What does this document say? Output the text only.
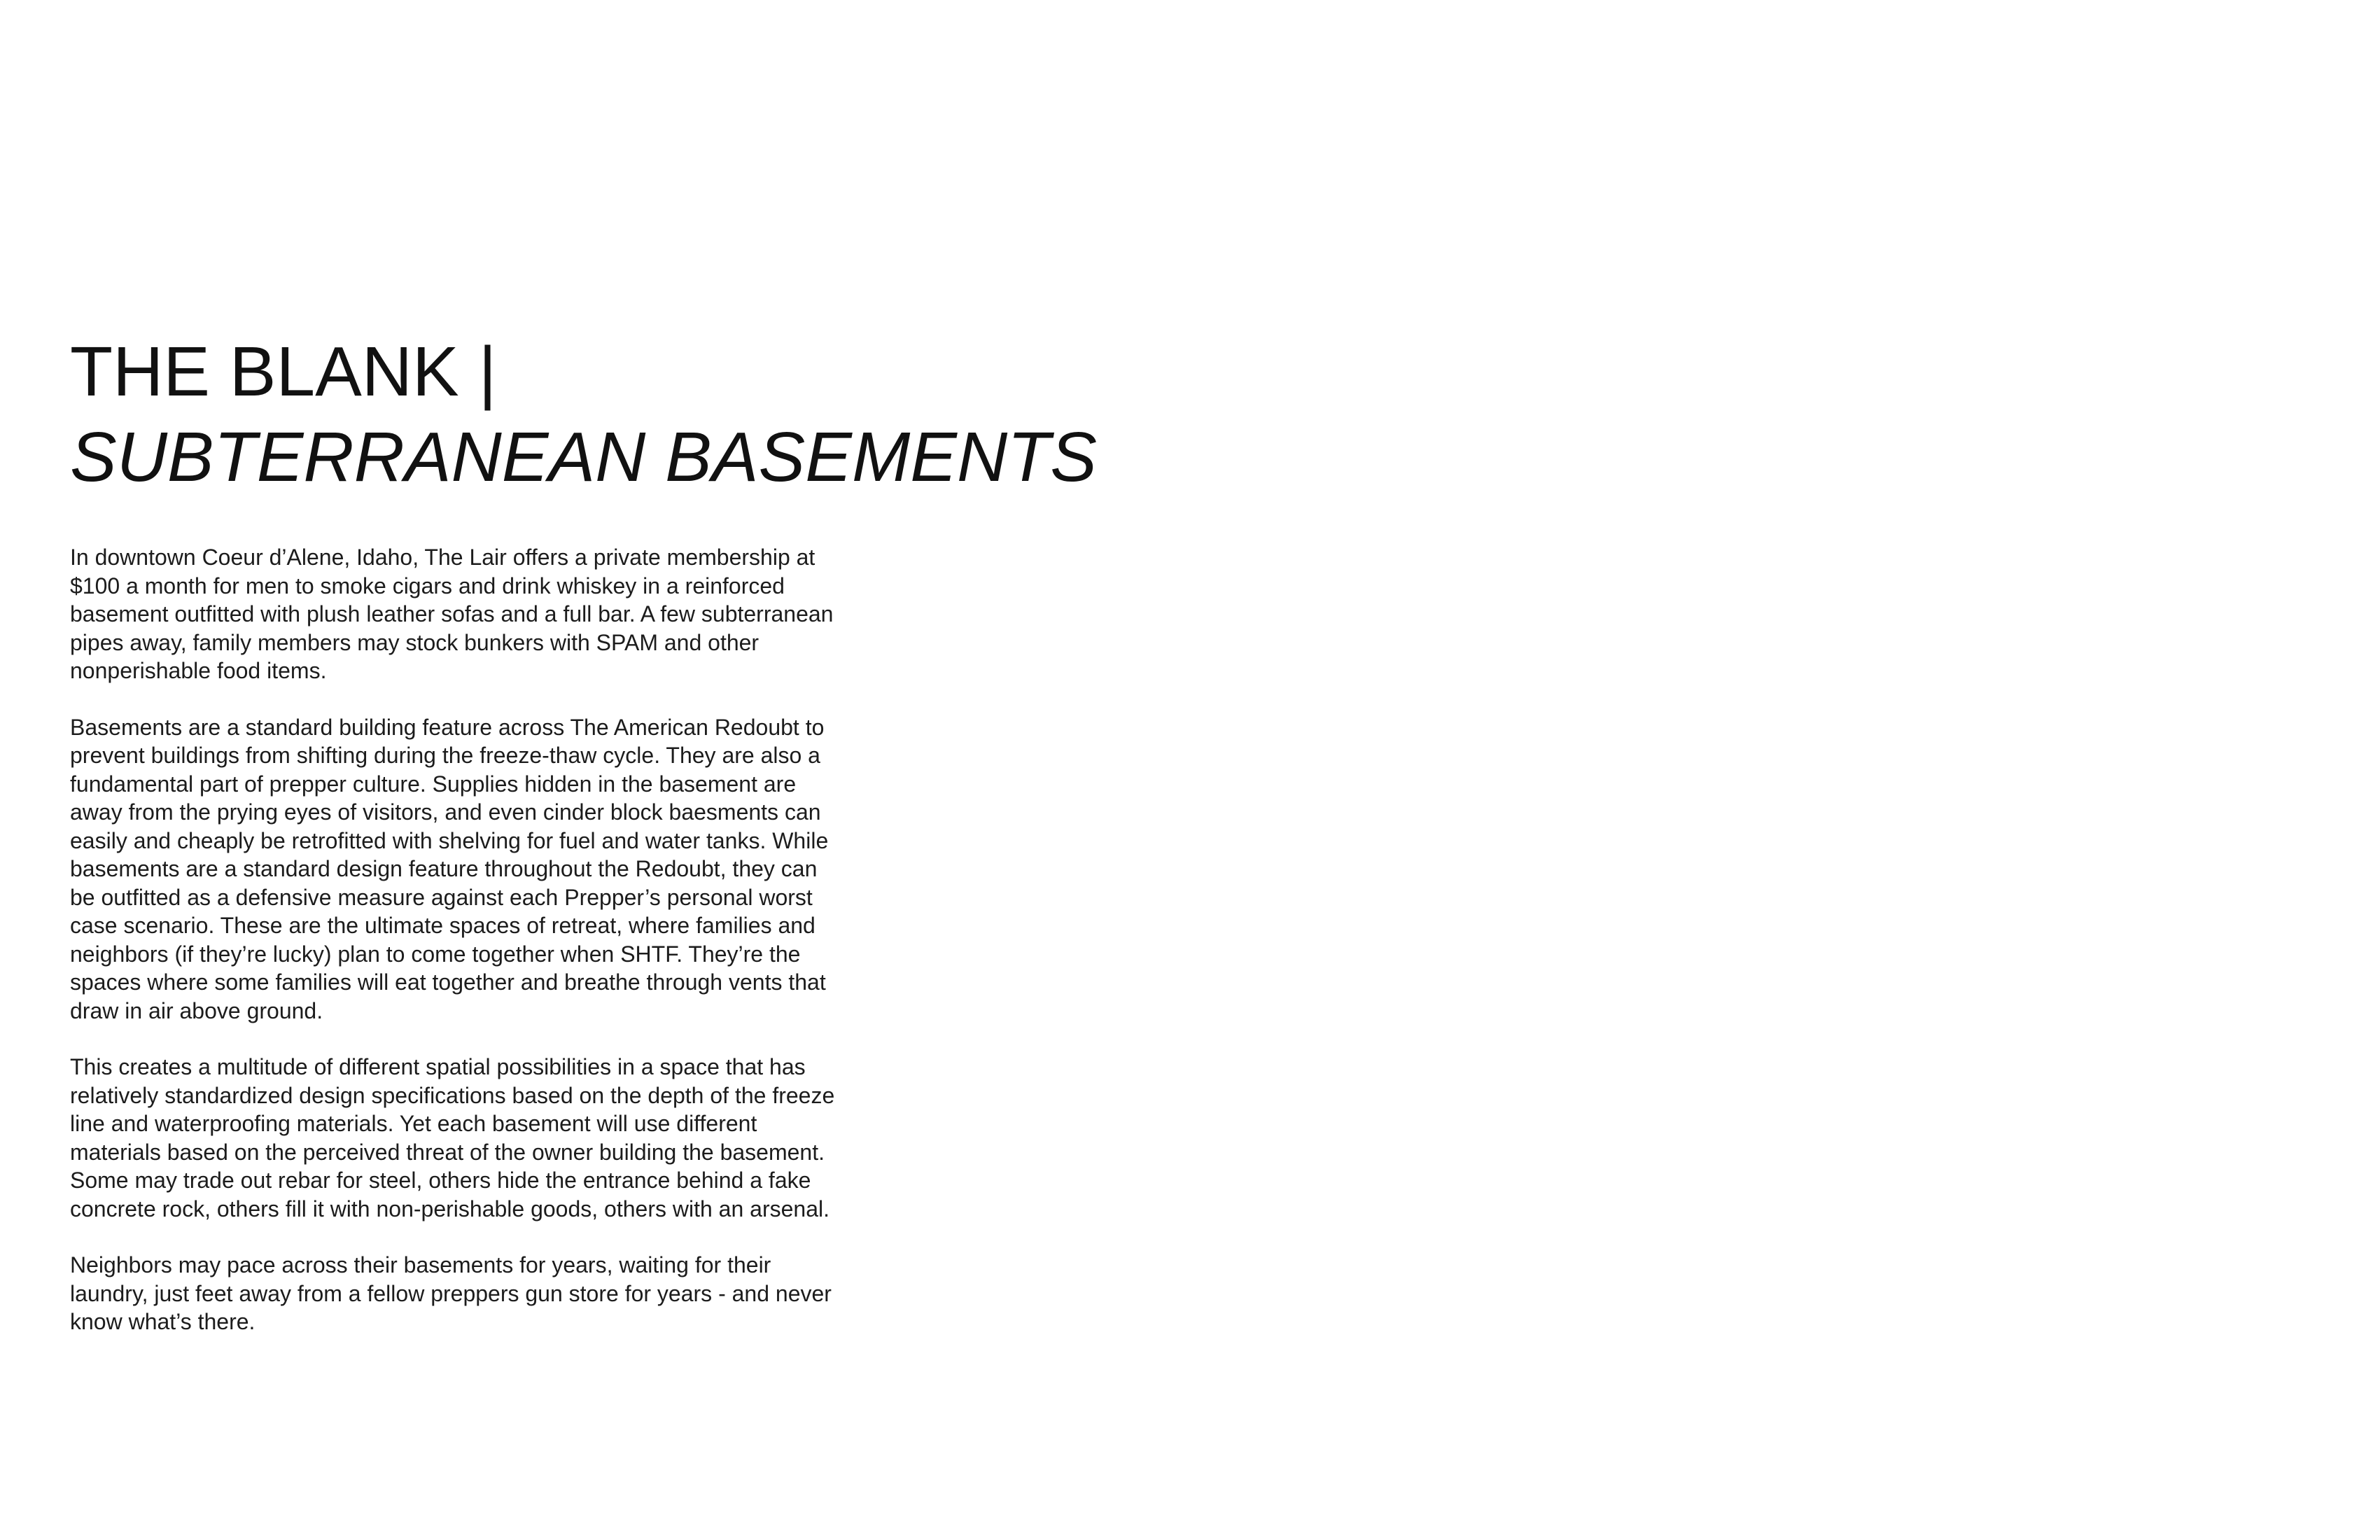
THE BLANK |
SUBTERRANEAN BASEMENTS

In downtown Coeur d’Alene, Idaho, The Lair offers a private membership at $100 a month for men to smoke cigars and drink whiskey in a reinforced basement outfitted with plush leather sofas and a full bar. A few subterranean pipes away, family members may stock bunkers with SPAM and other nonperishable food items.

Basements are a standard building feature across The American Redoubt to prevent buildings from shifting during the freeze-thaw cycle. They are also a fundamental part of prepper culture. Supplies hidden in the basement are away from the prying eyes of visitors, and even cinder block baesments can easily and cheaply be retrofitted with shelving for fuel and water tanks. While basements are a standard design feature throughout the Redoubt, they can be outfitted as a defensive measure against each Prepper’s personal worst case scenario. These are the ultimate spaces of retreat, where families and neighbors (if they’re lucky) plan to come together when SHTF. They’re the spaces where some families will eat together and breathe through vents that draw in air above ground.

This creates a multitude of different spatial possibilities in a space that has relatively standardized design specifications based on the depth of the freeze line and waterproofing materials. Yet each basement will use different materials based on the perceived threat of the owner building the basement. Some may trade out rebar for steel, others hide the entrance behind a fake concrete rock, others fill it with non-perishable goods, others with an arsenal.

Neighbors may pace across their basements for years, waiting for their laundry, just feet away from a fellow preppers gun store for years - and never know what’s there.
